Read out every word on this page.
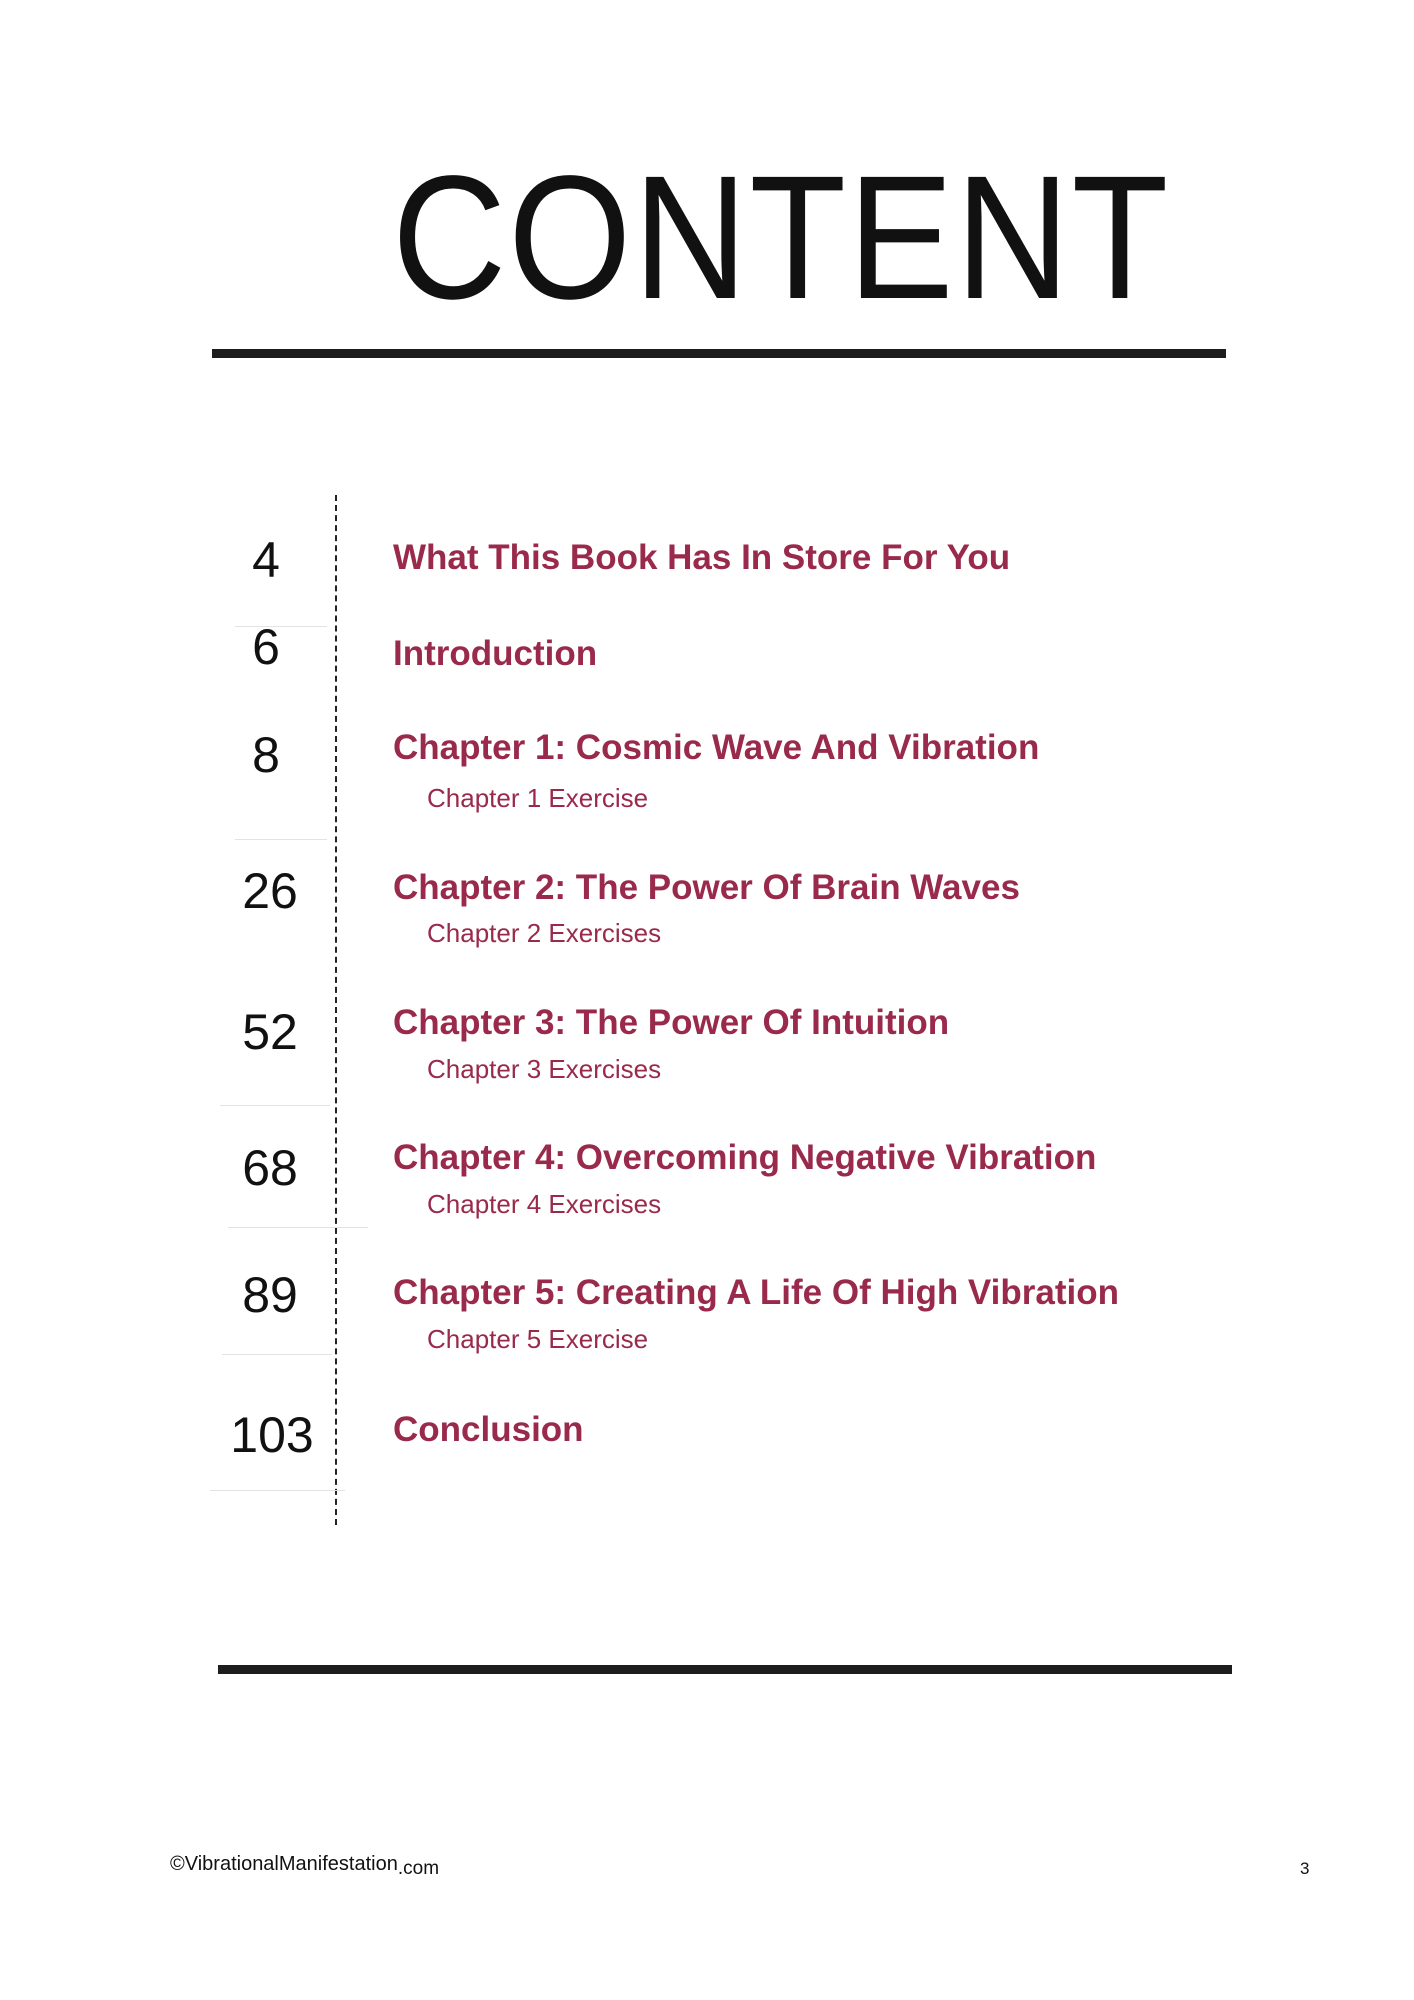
CONTENT
4	What This Book Has In Store For You
6	Introduction
8	Chapter 1: Cosmic Wave And Vibration
Chapter 1 Exercise
26	Chapter 2: The Power Of Brain Waves
Chapter 2 Exercises
52	Chapter 3: The Power Of Intuition
Chapter 3 Exercises
68	Chapter 4: Overcoming Negative Vibration
Chapter 4 Exercises
89	Chapter 5: Creating A Life Of High Vibration
Chapter 5 Exercise
103	Conclusion
©VibrationalManifestation.com	3
